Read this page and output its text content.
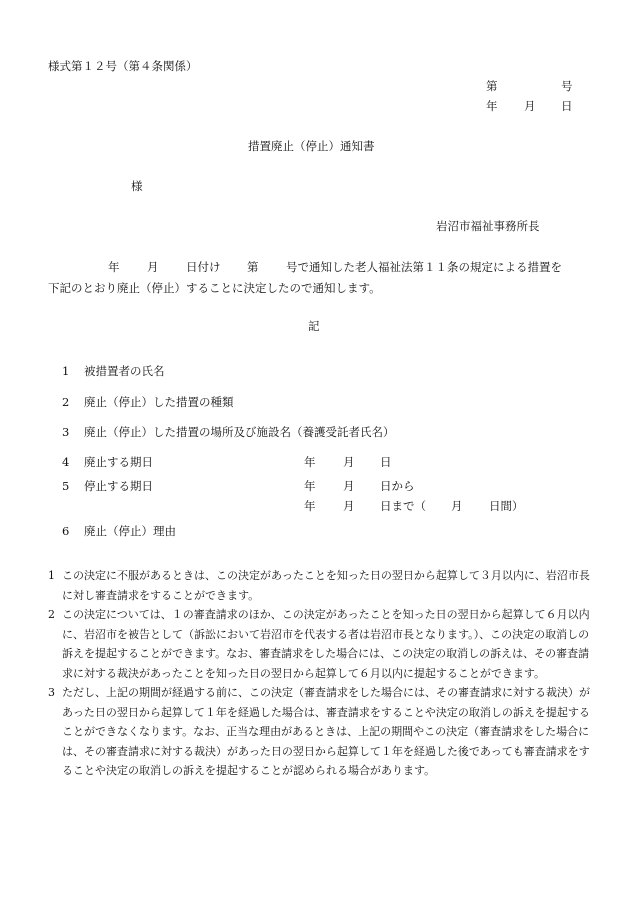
様式第１２号（第４条関係）
第	号
年 月 日
措置廃止（停止）通知書
様
岩沼市福祉事務所長
年 月 日付け 第 号で通知した老人福祉法第１１条の規定による措置を
下記のとおり廃止（停止）することに決定したので通知します。
記
1 被措置者の氏名
2 廃止（停止）した措置の種類
3 廃止（停止）した措置の場所及び施設名（養護受託者氏名）
4 廃止する期日	年 月 日
5 停止する期日	年 月 日から
年 月 日まで（ 月 日間）
6 廃止（停止）理由
1 この決定に不服があるときは、この決定があったことを知った日の翌日から起算して３月以内に、岩沼市長に対し審査請求をすることができます。
2 この決定については、１の審査請求のほか、この決定があったことを知った日の翌日から起算して６月以内に、岩沼市を被告として（訴訟において岩沼市を代表する者は岩沼市長となります。）、この決定の取消しの訴えを提起することができます。なお、審査請求をした場合には、この決定の取消しの訴えは、その審査請求に対する裁決があったことを知った日の翌日から起算して６月以内に提起することができます。
3 ただし、上記の期間が経過する前に、この決定（審査請求をした場合には、その審査請求に対する裁決）があった日の翌日から起算して１年を経過した場合は、審査請求をすることや決定の取消しの訴えを提起することができなくなります。なお、正当な理由があるときは、上記の期間やこの決定（審査請求をした場合には、その審査請求に対する裁決）があった日の翌日から起算して１年を経過した後であっても審査請求をすることや決定の取消しの訴えを提起することが認められる場合があります。
